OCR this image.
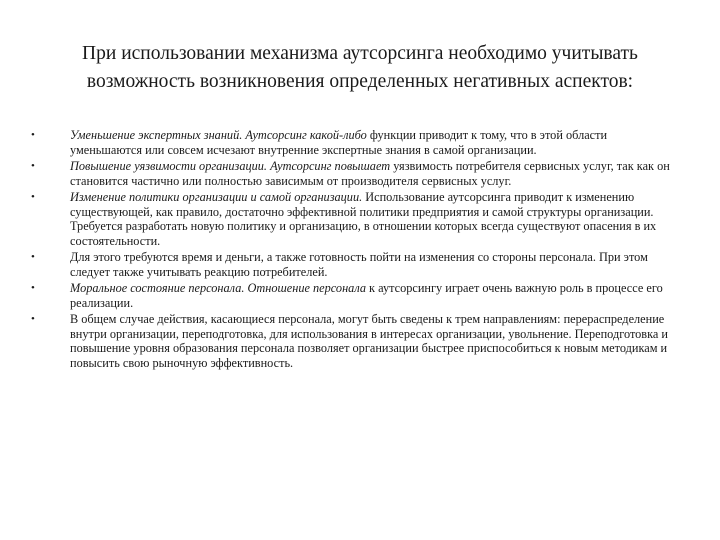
При использовании механизма аутсорсинга необходимо учитывать
возможность возникновения определенных негативных аспектов:
•	Уменьшение экспертных знаний. Аутсорсинг какой-либо функции приводит к тому, что в этой области уменьшаются или совсем исчезают внутренние экспертные знания в самой организации.
•	Повышение уязвимости организации. Аутсорсинг повышает уязвимость потребителя сервисных услуг, так как он становится частично или полностью зависимым от производителя сервисных услуг.
•	Изменение политики организации и самой организации. Использование аутсорсинга приводит к изменению существующей, как правило, достаточно эффективной политики предприятия и самой структуры организации. Требуется разработать новую политику и организацию, в отношении которых всегда существуют опасения в их состоятельности.
•	Для этого требуются время и деньги, а также готовность пойти на изменения со стороны персонала. При этом следует также учитывать реакцию потребителей.
•	Моральное состояние персонала. Отношение персонала к аутсорсингу играет очень важную роль в процессе его реализации.
•	В общем случае действия, касающиеся персонала, могут быть сведены к трем направлениям: перераспределение внутри организации, переподготовка, для использования в интересах организации, увольнение. Переподготовка и повышение уровня образования персонала позволяет организации быстрее приспособиться к новым методикам и повысить свою рыночную эффективность.
